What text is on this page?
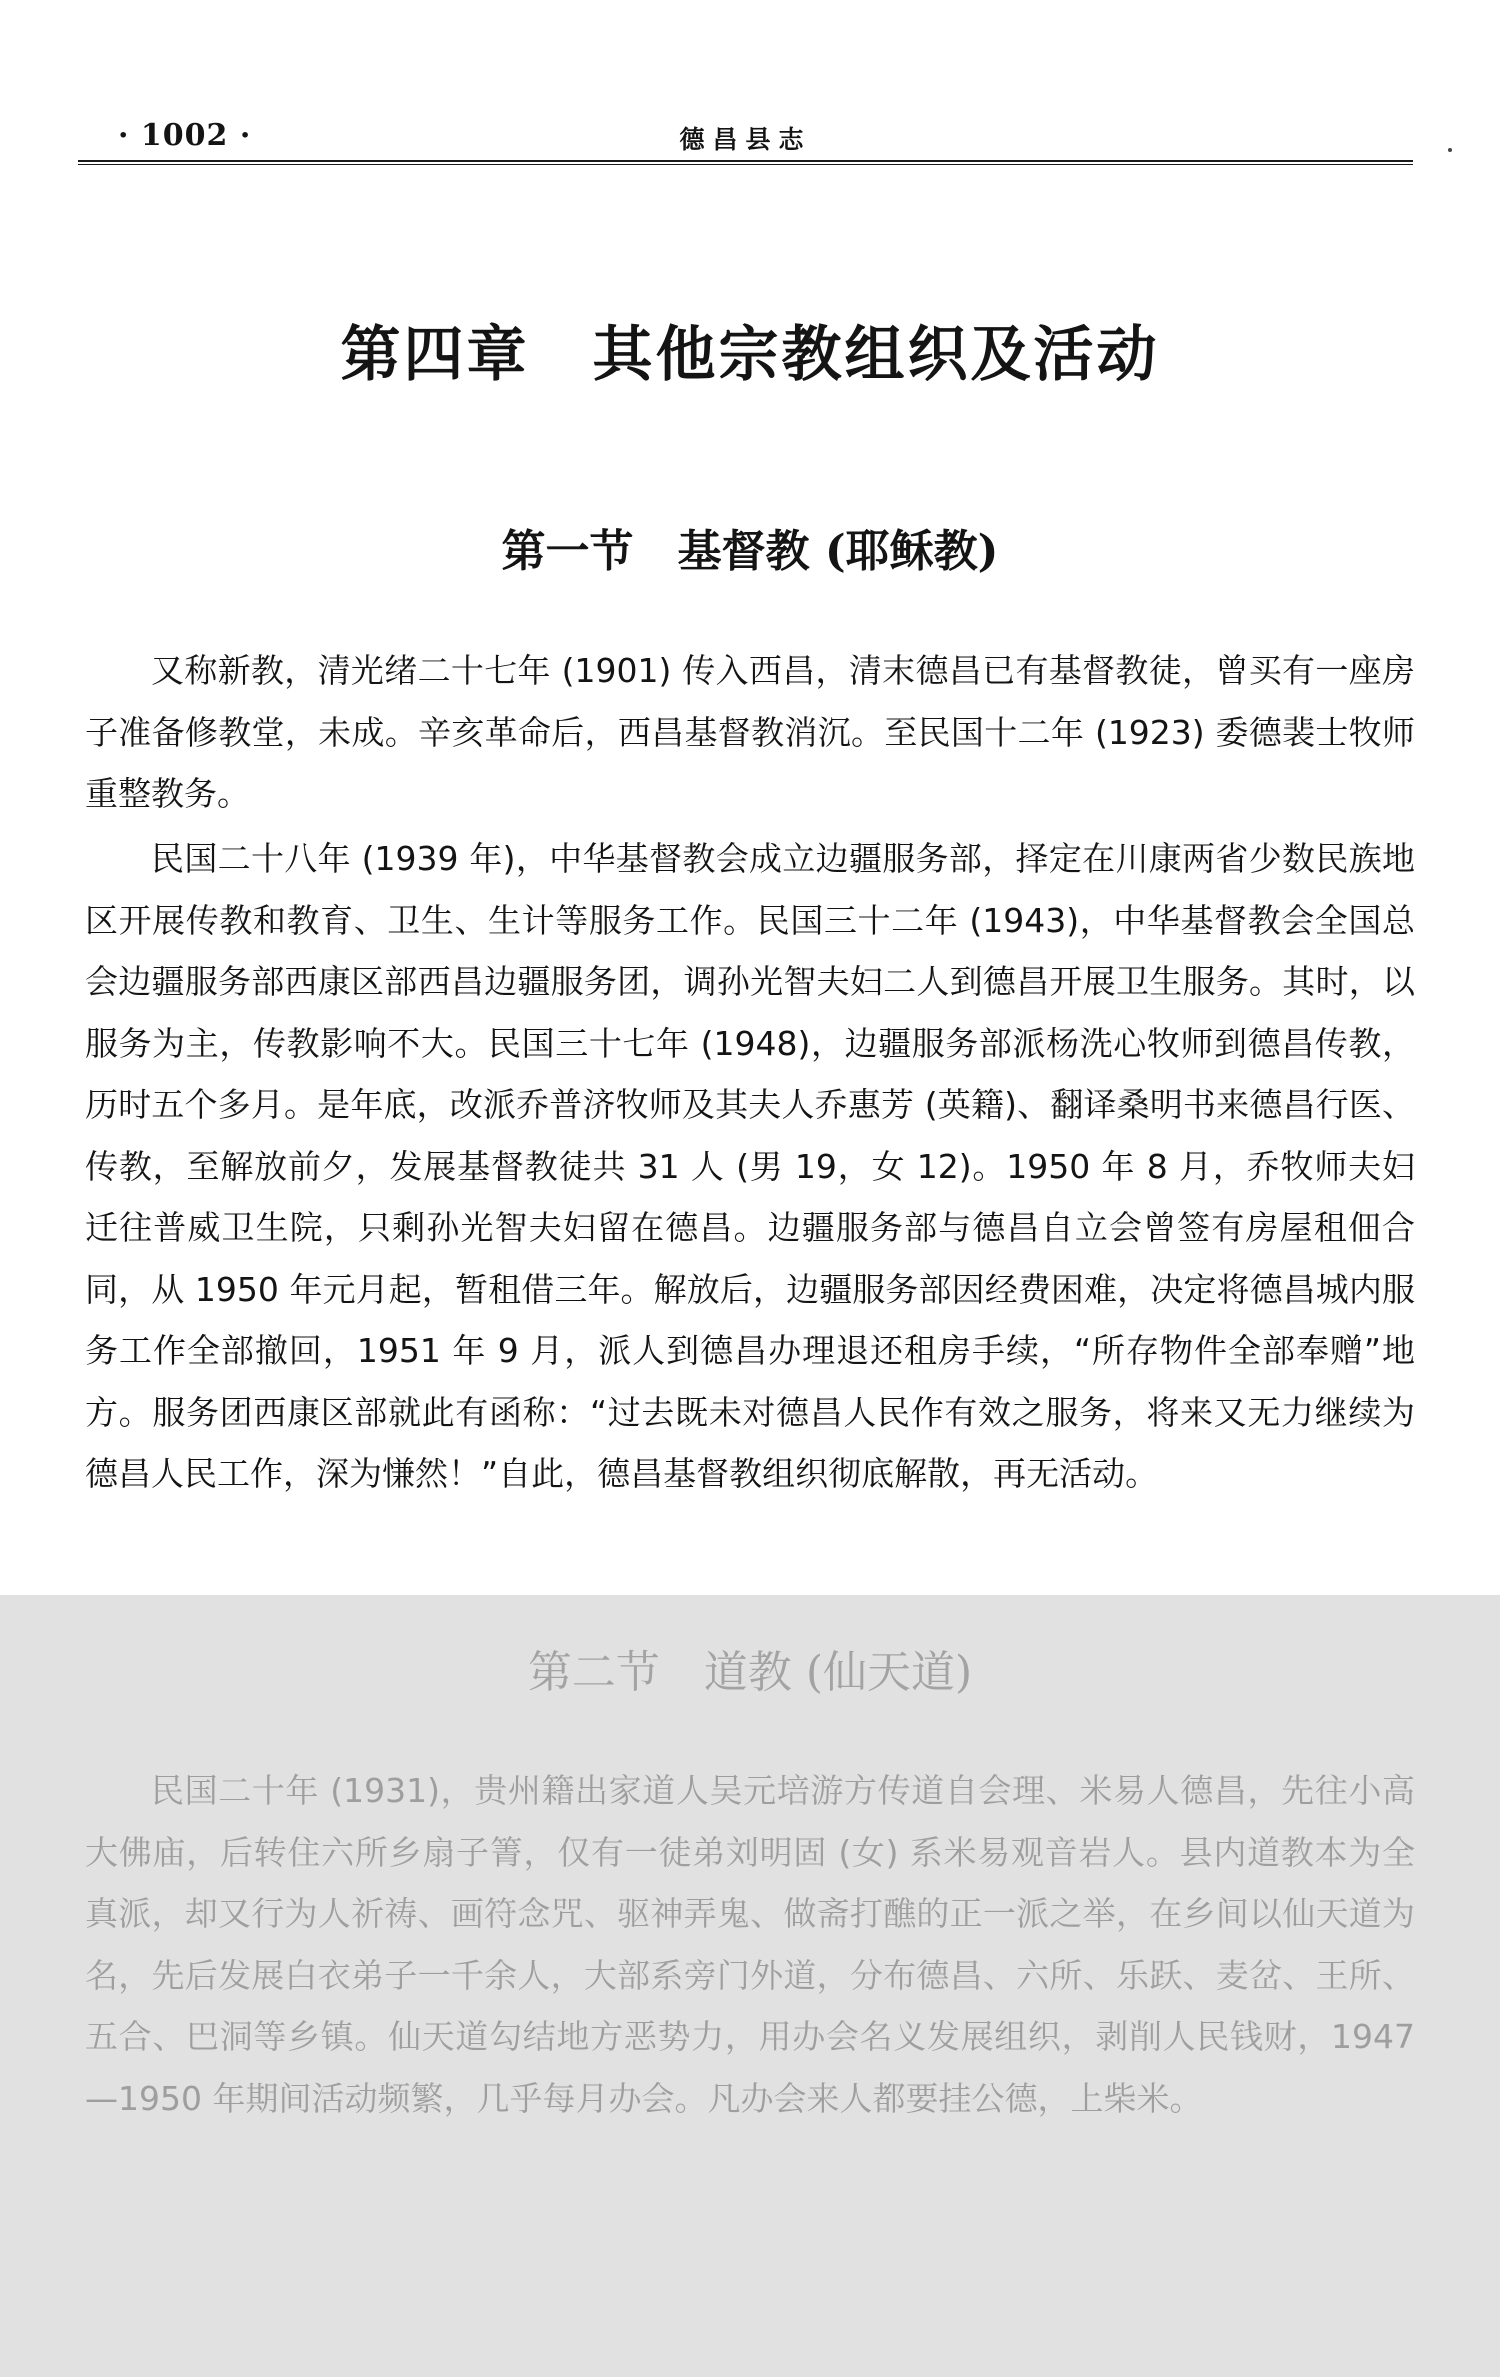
· 1002 ·	德昌县志
第四章　其他宗教组织及活动
第一节　基督教 (耶稣教)

又称新教，清光绪二十七年 (1901) 传入西昌，清末德昌已有基督教徒，曾买有一座房子准备修教堂，未成。辛亥革命后，西昌基督教消沉。至民国十二年 (1923) 委德裴士牧师重整教务。

民国二十八年 (1939 年)，中华基督教会成立边疆服务部，择定在川康两省少数民族地区开展传教和教育、卫生、生计等服务工作。民国三十二年 (1943)，中华基督教会全国总会边疆服务部西康区部西昌边疆服务团，调孙光智夫妇二人到德昌开展卫生服务。其时，以服务为主，传教影响不大。民国三十七年 (1948)，边疆服务部派杨洗心牧师到德昌传教，历时五个多月。是年底，改派乔普济牧师及其夫人乔惠芳 (英籍)、翻译桑明书来德昌行医、传教，至解放前夕，发展基督教徒共 31 人 (男 19，女 12)。1950 年 8 月，乔牧师夫妇迁往普威卫生院，只剩孙光智夫妇留在德昌。边疆服务部与德昌自立会曾签有房屋租佃合同，从 1950 年元月起，暂租借三年。解放后，边疆服务部因经费困难，决定将德昌城内服务工作全部撤回，1951 年 9 月，派人到德昌办理退还租房手续，“所存物件全部奉赠”地方。服务团西康区部就此有函称：“过去既未对德昌人民作有效之服务，将来又无力继续为德昌人民工作，深为慊然！”自此，德昌基督教组织彻底解散，再无活动。

第二节　道教 (仙天道)

民国二十年 (1931)，贵州籍出家道人吴元培游方传道自会理、米易人德昌，先往小高大佛庙，后转住六所乡扇子箐，仅有一徒弟刘明固 (女) 系米易观音岩人。县内道教本为全真派，却又行为人祈祷、画符念咒、驱神弄鬼、做斋打醮的正一派之举，在乡间以仙天道为名，先后发展白衣弟子一千余人，大部系旁门外道，分布德昌、六所、乐跃、麦岔、王所、五合、巴洞等乡镇。仙天道勾结地方恶势力，用办会名义发展组织，剥削人民钱财，1947—1950 年期间活动频繁，几乎每月办会。凡办会来人都要挂公德，上柴米。
